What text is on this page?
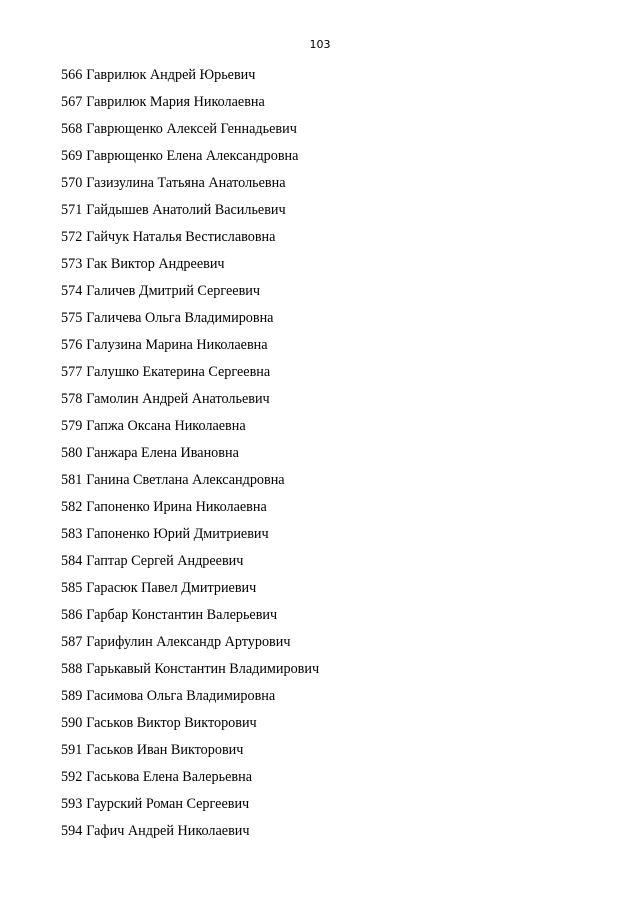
103
566 Гаврилюк Андрей Юрьевич
567 Гаврилюк Мария Николаевна
568 Гаврющенко Алексей Геннадьевич
569 Гаврющенко Елена Александровна
570 Газизулина Татьяна Анатольевна
571 Гайдышев Анатолий Васильевич
572 Гайчук Наталья Вестиславовна
573 Гак Виктор Андреевич
574 Галичев Дмитрий Сергеевич
575 Галичева Ольга Владимировна
576 Галузина Марина Николаевна
577 Галушко Екатерина Сергеевна
578 Гамолин Андрей Анатольевич
579 Гапжа Оксана Николаевна
580 Ганжара Елена Ивановна
581 Ганина Светлана Александровна
582 Гапоненко Ирина Николаевна
583 Гапоненко Юрий Дмитриевич
584 Гаптар Сергей Андреевич
585 Гарасюк Павел Дмитриевич
586 Гарбар Константин Валерьевич
587 Гарифулин Александр Артурович
588 Гарькавый Константин Владимирович
589 Гасимова Ольга Владимировна
590 Гаськов Виктор Викторович
591 Гаськов Иван Викторович
592 Гаськова Елена Валерьевна
593 Гаурский Роман Сергеевич
594 Гафич Андрей Николаевич
